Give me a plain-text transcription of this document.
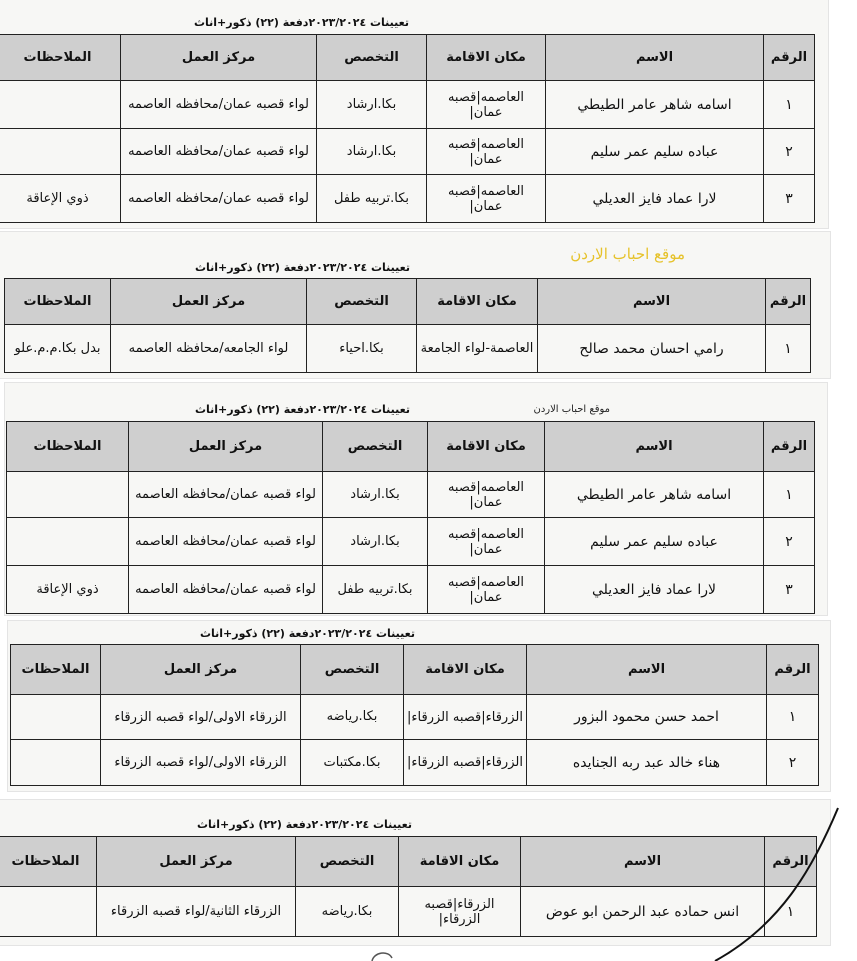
تعيينات ٢٠٢٣/٢٠٢٤دفعة (٢٢) ذكور+اناث
الرقم	الاسم	مكان الاقامة	التخصص	مركز العمل	الملاحظات
١	اسامه شاهر عامر الطيطي	العاصمه|قصبه عمان|	بكا.ارشاد	لواء قصبه عمان/محافظه العاصمه	
٢	عباده سليم عمر سليم	العاصمه|قصبه عمان|	بكا.ارشاد	لواء قصبه عمان/محافظه العاصمه	
٣	لارا عماد فايز العديلي	العاصمه|قصبه عمان|	بكا.تربيه طفل	لواء قصبه عمان/محافظه العاصمه	ذوي الإعاقة
موقع احباب الاردن
تعيينات ٢٠٢٣/٢٠٢٤دفعة (٢٢) ذكور+اناث
الرقم	الاسم	مكان الاقامة	التخصص	مركز العمل	الملاحظات
١	رامي احسان محمد صالح	العاصمة-لواء الجامعة	بكا.احياء	لواء الجامعه/محافظه العاصمه	بدل بكا.م.م.علو
موقع احباب الاردن
تعيينات ٢٠٢٣/٢٠٢٤دفعة (٢٢) ذكور+اناث
الرقم	الاسم	مكان الاقامة	التخصص	مركز العمل	الملاحظات
١	اسامه شاهر عامر الطيطي	العاصمه|قصبه عمان|	بكا.ارشاد	لواء قصبه عمان/محافظه العاصمه	
٢	عباده سليم عمر سليم	العاصمه|قصبه عمان|	بكا.ارشاد	لواء قصبه عمان/محافظه العاصمه	
٣	لارا عماد فايز العديلي	العاصمه|قصبه عمان|	بكا.تربيه طفل	لواء قصبه عمان/محافظه العاصمه	ذوي الإعاقة
تعيينات ٢٠٢٣/٢٠٢٤دفعة (٢٢) ذكور+اناث
الرقم	الاسم	مكان الاقامة	التخصص	مركز العمل	الملاحظات
١	احمد حسن محمود البزور	الزرقاء|قصبه الزرقاء|	بكا.رياضه	الزرقاء الاولى/لواء قصبه الزرقاء	
٢	هناء خالد عبد ربه الجنايده	الزرقاء|قصبه الزرقاء|	بكا.مكتبات	الزرقاء الاولى/لواء قصبه الزرقاء	
تعيينات ٢٠٢٣/٢٠٢٤دفعة (٢٢) ذكور+اناث
الرقم	الاسم	مكان الاقامة	التخصص	مركز العمل	الملاحظات
١	انس حماده عبد الرحمن ابو عوض	الزرقاء|قصبه الزرقاء|	بكا.رياضه	الزرقاء الثانية/لواء قصبه الزرقاء	
